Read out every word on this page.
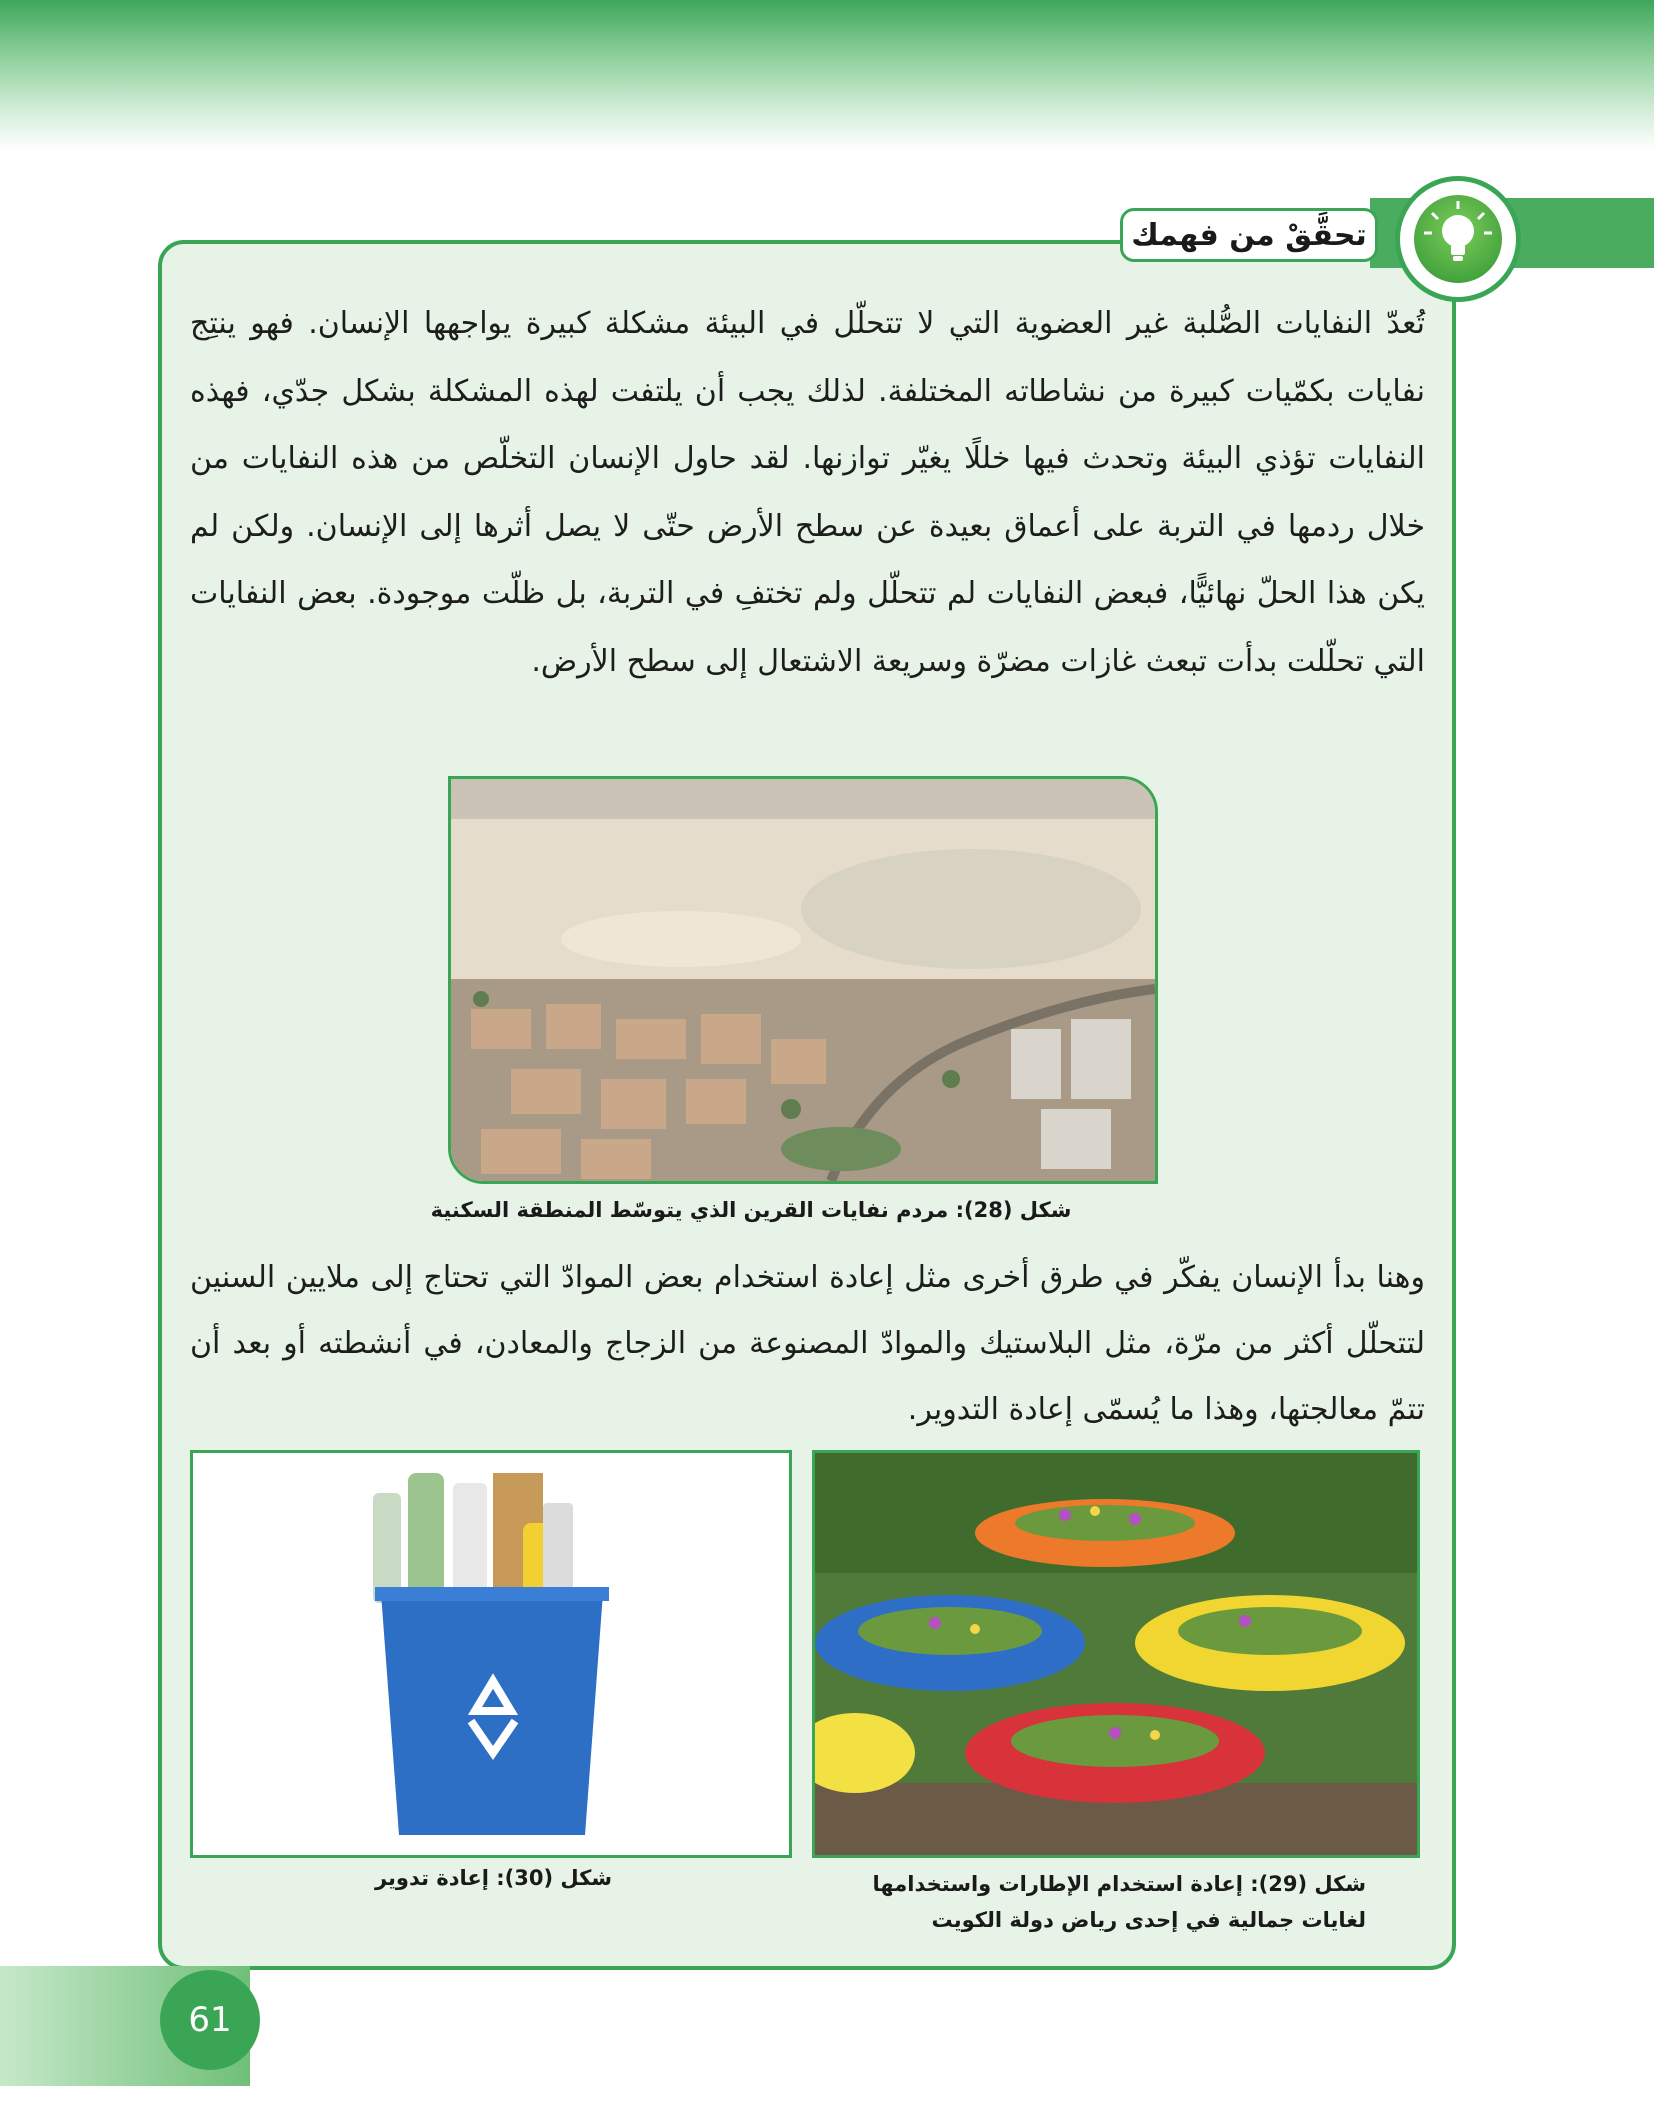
تحقَّقْ من فهمك
تُعدّ النفايات الصُّلبة غير العضوية التي لا تتحلّل في البيئة مشكلة كبيرة يواجهها الإنسان. فهو ينتِج نفايات بكمّيات كبيرة من نشاطاته المختلفة. لذلك يجب أن يلتفت لهذه المشكلة بشكل جدّي، فهذه النفايات تؤذي البيئة وتحدث فيها خللًا يغيّر توازنها. لقد حاول الإنسان التخلّص من هذه النفايات من خلال ردمها في التربة على أعماق بعيدة عن سطح الأرض حتّى لا يصل أثرها إلى الإنسان. ولكن لم يكن هذا الحلّ نهائيًّا، فبعض النفايات لم تتحلّل ولم تختفِ في التربة، بل ظلّت موجودة. بعض النفايات التي تحلّلت بدأت تبعث غازات مضرّة وسريعة الاشتعال إلى سطح الأرض.
شكل (28): مردم نفايات القرين الذي يتوسّط المنطقة السكنية
وهنا بدأ الإنسان يفكّر في طرق أخرى مثل إعادة استخدام بعض الموادّ التي تحتاج إلى ملايين السنين لتتحلّل أكثر من مرّة، مثل البلاستيك والموادّ المصنوعة من الزجاج والمعادن، في أنشطته أو بعد أن تتمّ معالجتها، وهذا ما يُسمّى إعادة التدوير.
شكل (29): إعادة استخدام الإطارات واستخدامها
لغايات جمالية في إحدى رياض دولة الكويت
شكل (30): إعادة تدوير
61
